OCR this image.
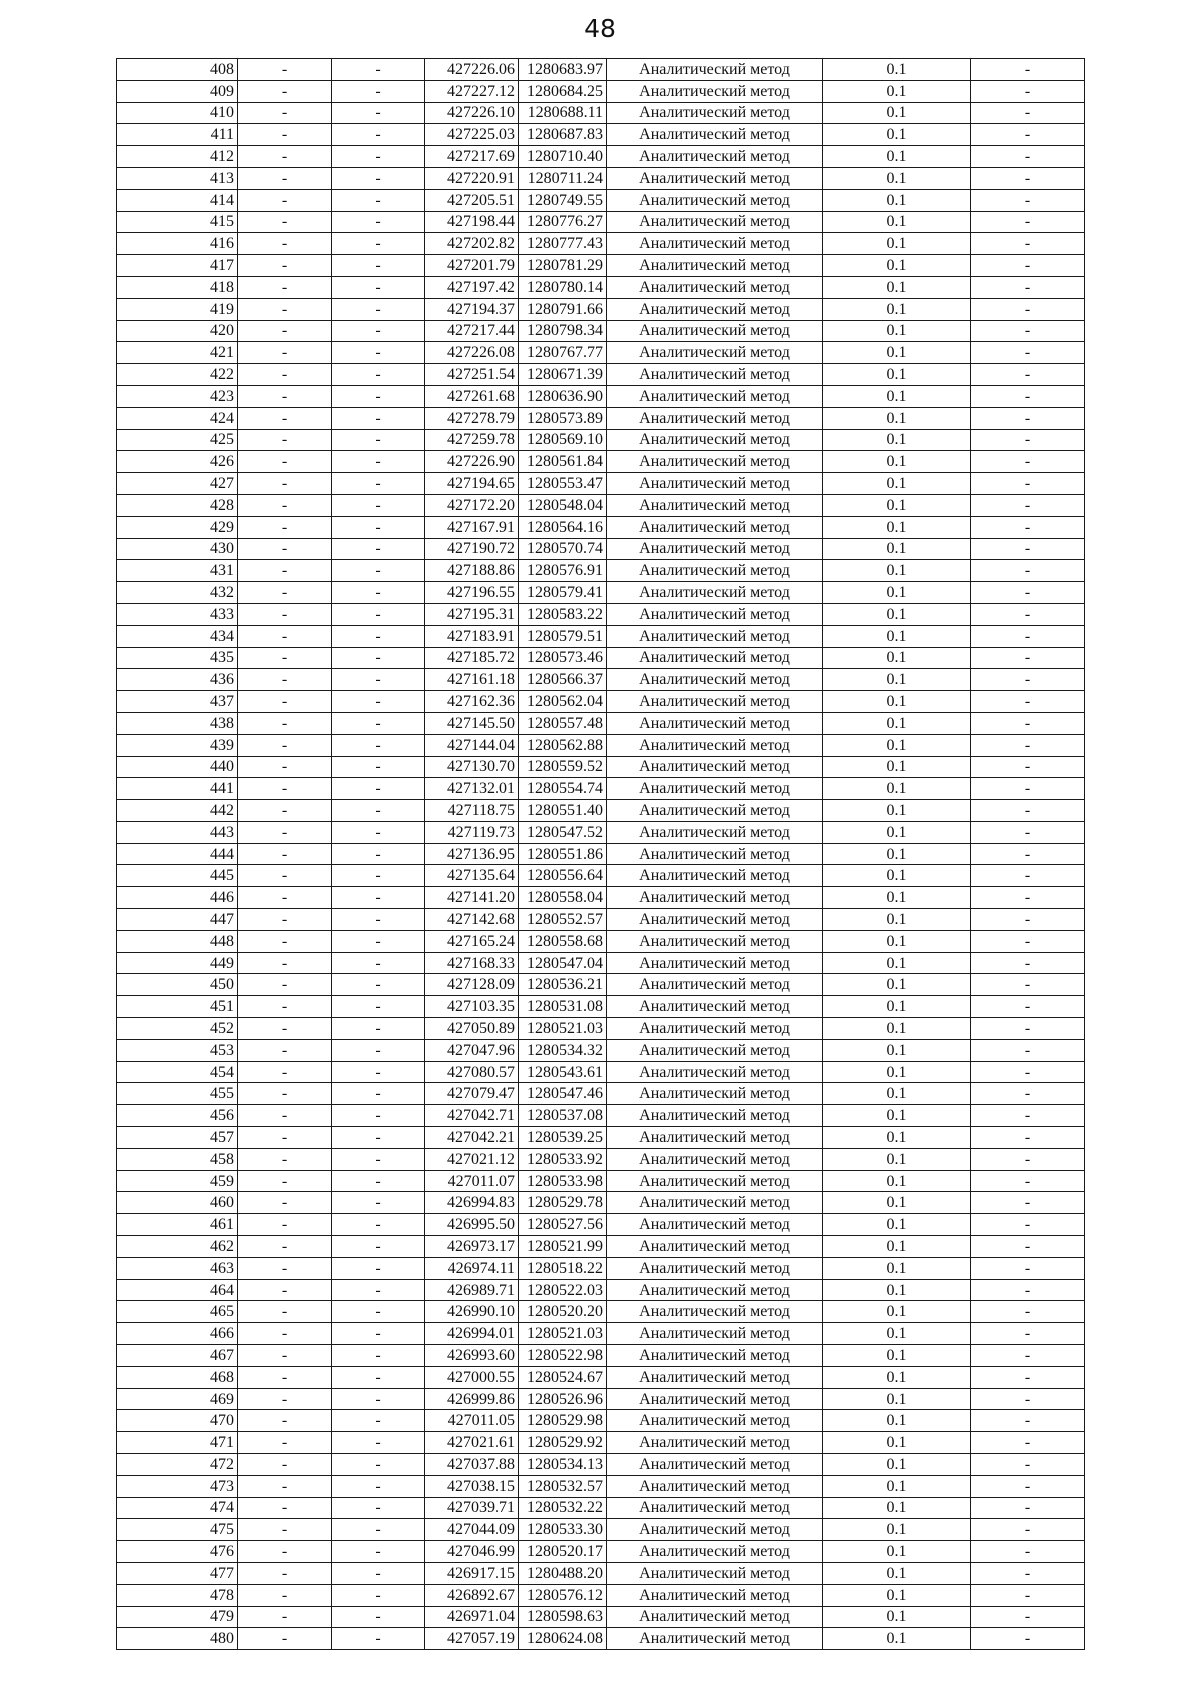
48
408	-	-	427226.06	1280683.97	Аналитический метод	0.1	-
409	-	-	427227.12	1280684.25	Аналитический метод	0.1	-
410	-	-	427226.10	1280688.11	Аналитический метод	0.1	-
411	-	-	427225.03	1280687.83	Аналитический метод	0.1	-
412	-	-	427217.69	1280710.40	Аналитический метод	0.1	-
413	-	-	427220.91	1280711.24	Аналитический метод	0.1	-
414	-	-	427205.51	1280749.55	Аналитический метод	0.1	-
415	-	-	427198.44	1280776.27	Аналитический метод	0.1	-
416	-	-	427202.82	1280777.43	Аналитический метод	0.1	-
417	-	-	427201.79	1280781.29	Аналитический метод	0.1	-
418	-	-	427197.42	1280780.14	Аналитический метод	0.1	-
419	-	-	427194.37	1280791.66	Аналитический метод	0.1	-
420	-	-	427217.44	1280798.34	Аналитический метод	0.1	-
421	-	-	427226.08	1280767.77	Аналитический метод	0.1	-
422	-	-	427251.54	1280671.39	Аналитический метод	0.1	-
423	-	-	427261.68	1280636.90	Аналитический метод	0.1	-
424	-	-	427278.79	1280573.89	Аналитический метод	0.1	-
425	-	-	427259.78	1280569.10	Аналитический метод	0.1	-
426	-	-	427226.90	1280561.84	Аналитический метод	0.1	-
427	-	-	427194.65	1280553.47	Аналитический метод	0.1	-
428	-	-	427172.20	1280548.04	Аналитический метод	0.1	-
429	-	-	427167.91	1280564.16	Аналитический метод	0.1	-
430	-	-	427190.72	1280570.74	Аналитический метод	0.1	-
431	-	-	427188.86	1280576.91	Аналитический метод	0.1	-
432	-	-	427196.55	1280579.41	Аналитический метод	0.1	-
433	-	-	427195.31	1280583.22	Аналитический метод	0.1	-
434	-	-	427183.91	1280579.51	Аналитический метод	0.1	-
435	-	-	427185.72	1280573.46	Аналитический метод	0.1	-
436	-	-	427161.18	1280566.37	Аналитический метод	0.1	-
437	-	-	427162.36	1280562.04	Аналитический метод	0.1	-
438	-	-	427145.50	1280557.48	Аналитический метод	0.1	-
439	-	-	427144.04	1280562.88	Аналитический метод	0.1	-
440	-	-	427130.70	1280559.52	Аналитический метод	0.1	-
441	-	-	427132.01	1280554.74	Аналитический метод	0.1	-
442	-	-	427118.75	1280551.40	Аналитический метод	0.1	-
443	-	-	427119.73	1280547.52	Аналитический метод	0.1	-
444	-	-	427136.95	1280551.86	Аналитический метод	0.1	-
445	-	-	427135.64	1280556.64	Аналитический метод	0.1	-
446	-	-	427141.20	1280558.04	Аналитический метод	0.1	-
447	-	-	427142.68	1280552.57	Аналитический метод	0.1	-
448	-	-	427165.24	1280558.68	Аналитический метод	0.1	-
449	-	-	427168.33	1280547.04	Аналитический метод	0.1	-
450	-	-	427128.09	1280536.21	Аналитический метод	0.1	-
451	-	-	427103.35	1280531.08	Аналитический метод	0.1	-
452	-	-	427050.89	1280521.03	Аналитический метод	0.1	-
453	-	-	427047.96	1280534.32	Аналитический метод	0.1	-
454	-	-	427080.57	1280543.61	Аналитический метод	0.1	-
455	-	-	427079.47	1280547.46	Аналитический метод	0.1	-
456	-	-	427042.71	1280537.08	Аналитический метод	0.1	-
457	-	-	427042.21	1280539.25	Аналитический метод	0.1	-
458	-	-	427021.12	1280533.92	Аналитический метод	0.1	-
459	-	-	427011.07	1280533.98	Аналитический метод	0.1	-
460	-	-	426994.83	1280529.78	Аналитический метод	0.1	-
461	-	-	426995.50	1280527.56	Аналитический метод	0.1	-
462	-	-	426973.17	1280521.99	Аналитический метод	0.1	-
463	-	-	426974.11	1280518.22	Аналитический метод	0.1	-
464	-	-	426989.71	1280522.03	Аналитический метод	0.1	-
465	-	-	426990.10	1280520.20	Аналитический метод	0.1	-
466	-	-	426994.01	1280521.03	Аналитический метод	0.1	-
467	-	-	426993.60	1280522.98	Аналитический метод	0.1	-
468	-	-	427000.55	1280524.67	Аналитический метод	0.1	-
469	-	-	426999.86	1280526.96	Аналитический метод	0.1	-
470	-	-	427011.05	1280529.98	Аналитический метод	0.1	-
471	-	-	427021.61	1280529.92	Аналитический метод	0.1	-
472	-	-	427037.88	1280534.13	Аналитический метод	0.1	-
473	-	-	427038.15	1280532.57	Аналитический метод	0.1	-
474	-	-	427039.71	1280532.22	Аналитический метод	0.1	-
475	-	-	427044.09	1280533.30	Аналитический метод	0.1	-
476	-	-	427046.99	1280520.17	Аналитический метод	0.1	-
477	-	-	426917.15	1280488.20	Аналитический метод	0.1	-
478	-	-	426892.67	1280576.12	Аналитический метод	0.1	-
479	-	-	426971.04	1280598.63	Аналитический метод	0.1	-
480	-	-	427057.19	1280624.08	Аналитический метод	0.1	-
